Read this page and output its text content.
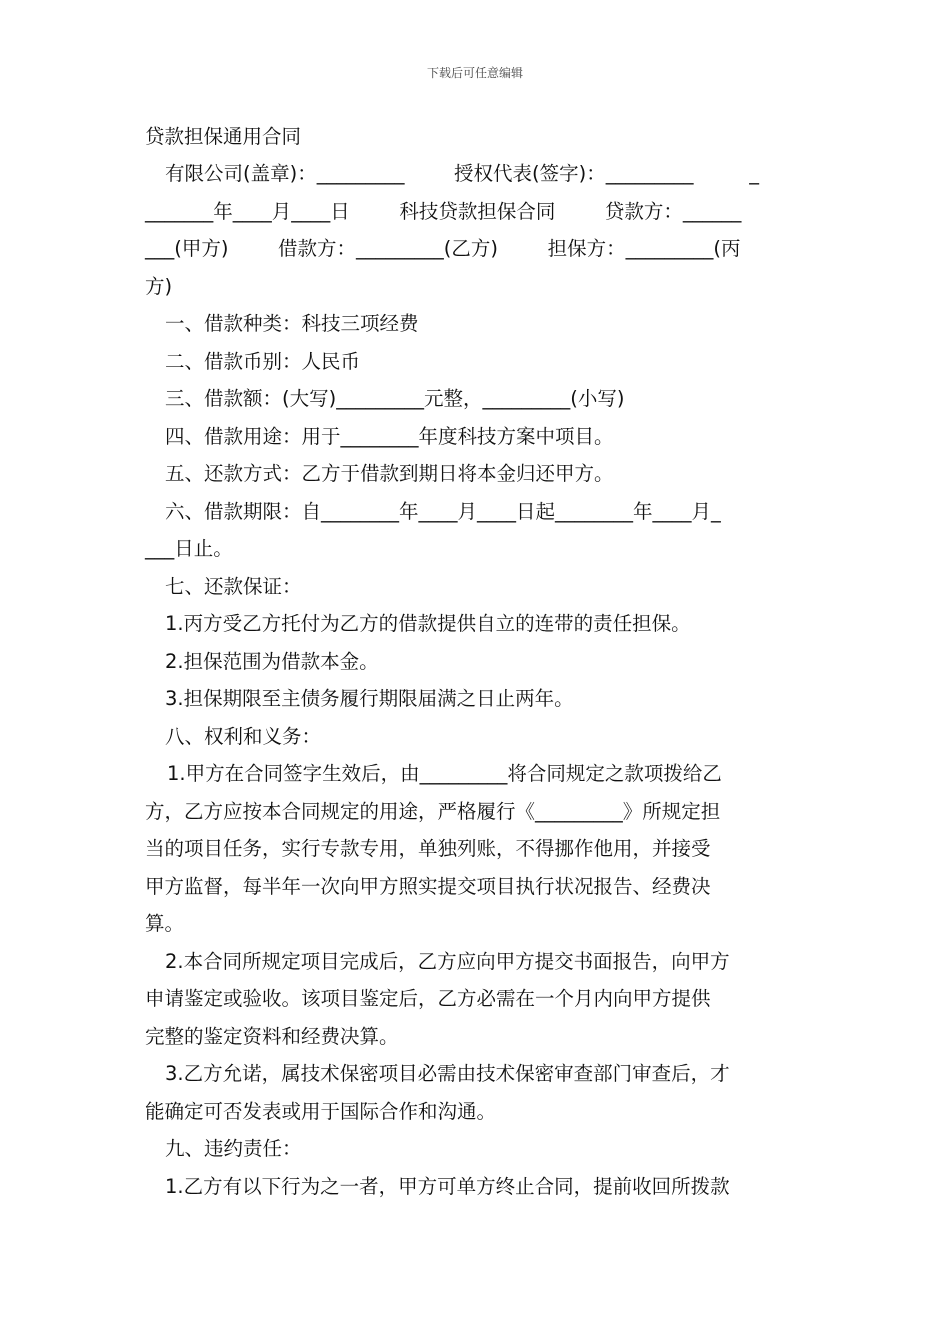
下载后可任意编辑

贷款担保通用合同

有限公司(盖章)：_________        授权代表(签字)：_________         _

_______年____月____日        科技贷款担保合同        贷款方：______

___(甲方)        借款方：_________(乙方)        担保方：_________(丙

方)

一、借款种类：科技三项经费

二、借款币别：人民币

三、借款额：(大写)_________元整，_________(小写)

四、借款用途：用于________年度科技方案中项目。

五、还款方式：乙方于借款到期日将本金归还甲方。

六、借款期限：自________年____月____日起________年____月_

___日止。

七、还款保证：

1.丙方受乙方托付为乙方的借款提供自立的连带的责任担保。

2.担保范围为借款本金。

3.担保期限至主债务履行期限届满之日止两年。

八、权利和义务：

1.甲方在合同签字生效后，由_________将合同规定之款项拨给乙

方，乙方应按本合同规定的用途，严格履行《_________》所规定担

当的项目任务，实行专款专用，单独列账，不得挪作他用，并接受

甲方监督，每半年一次向甲方照实提交项目执行状况报告、经费决

算。

2.本合同所规定项目完成后，乙方应向甲方提交书面报告，向甲方

申请鉴定或验收。该项目鉴定后，乙方必需在一个月内向甲方提供

完整的鉴定资料和经费决算。

3.乙方允诺，属技术保密项目必需由技术保密审查部门审查后，才

能确定可否发表或用于国际合作和沟通。

九、违约责任：

1.乙方有以下行为之一者，甲方可单方终止合同，提前收回所拨款
